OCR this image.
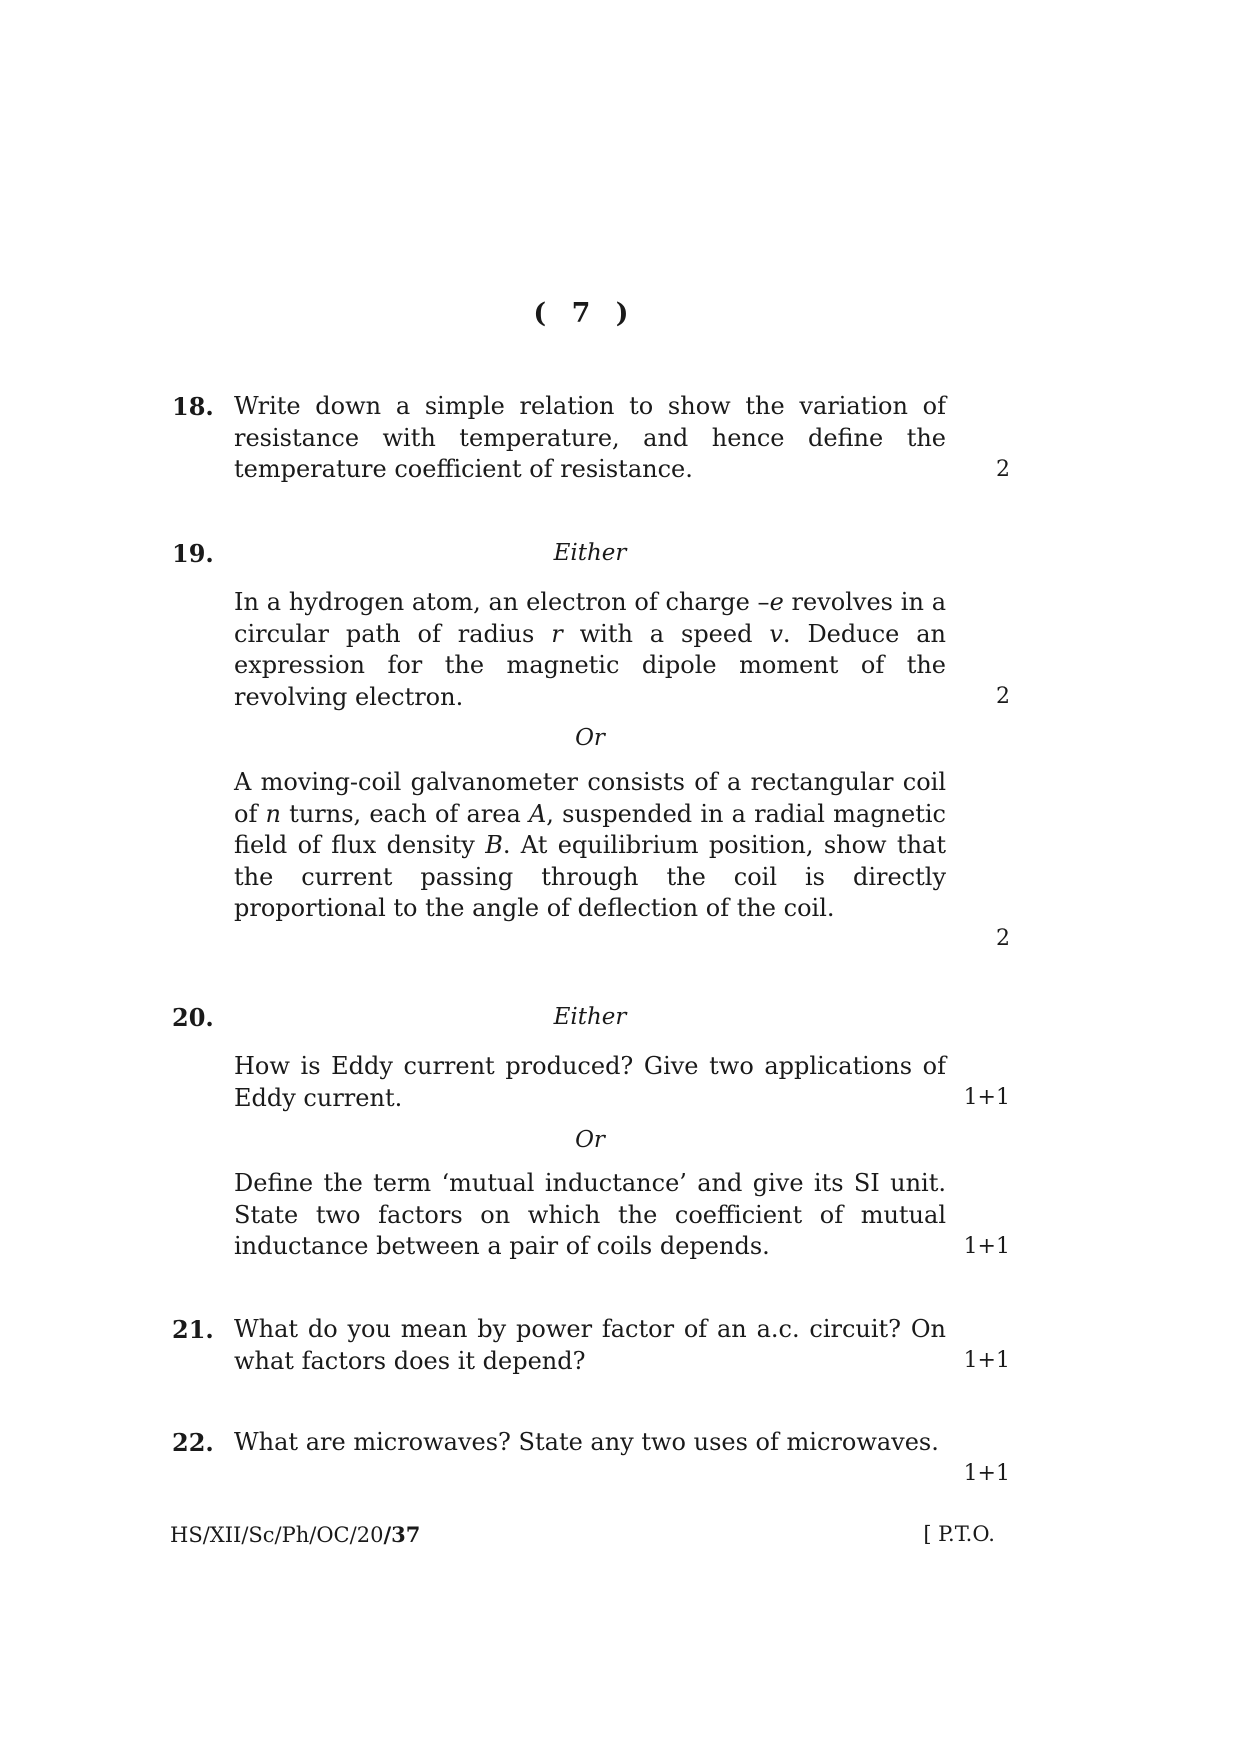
( 7 )
18. Write down a simple relation to show the variation of resistance with temperature, and hence define the temperature coefficient of resistance.	2
19.	Either

In a hydrogen atom, an electron of charge –e revolves in a circular path of radius r with a speed v. Deduce an expression for the magnetic dipole moment of the revolving electron.	2
Or

A moving-coil galvanometer consists of a rectangular coil of n turns, each of area A, suspended in a radial magnetic field of flux density B. At equilibrium position, show that the current passing through the coil is directly proportional to the angle of deflection of the coil.

2
20.	Either

How is Eddy current produced? Give two applications of Eddy current.	1+1
Or

Define the term ‘mutual inductance’ and give its SI unit. State two factors on which the coefficient of mutual inductance between a pair of coils depends.	1+1
21. What do you mean by power factor of an a.c. circuit? On what factors does it depend?	1+1
22. What are microwaves? State any two uses of microwaves.

1+1
HS/XII/Sc/Ph/OC/20/37	[ P.T.O.
